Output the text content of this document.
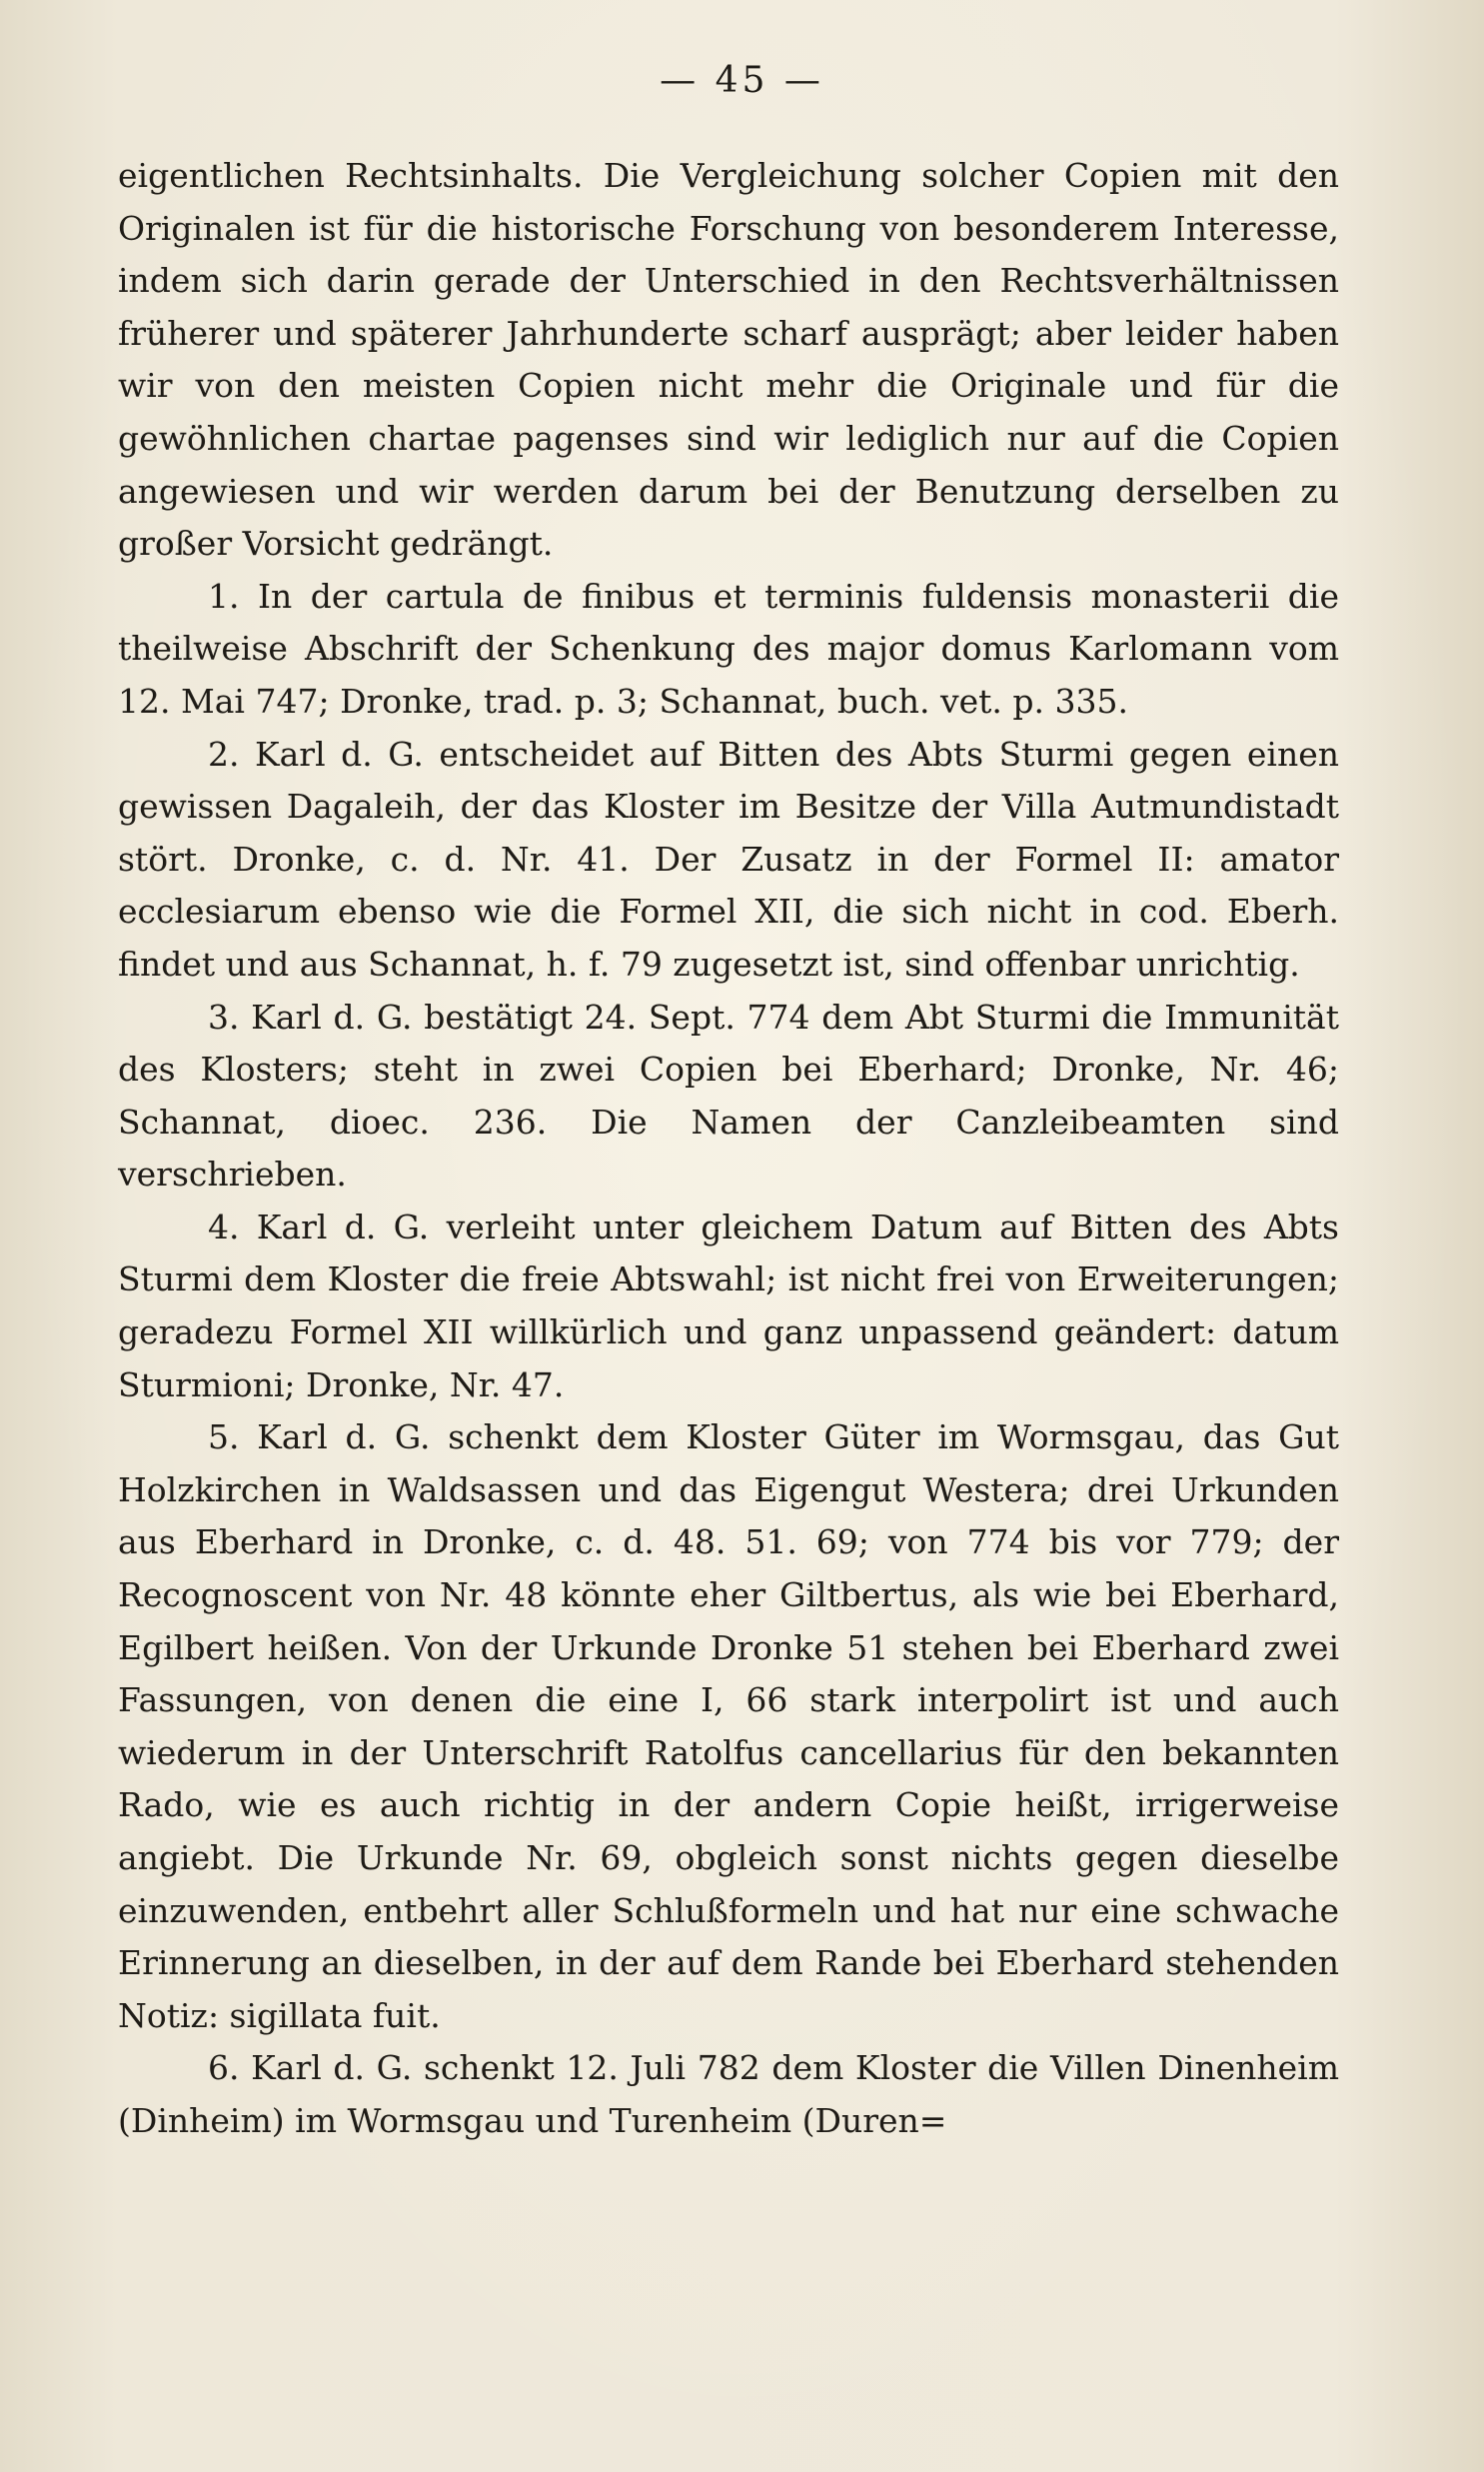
— 45 —

eigentlichen Rechtsinhalts. Die Vergleichung solcher Copien mit den Originalen ist für die historische Forschung von besonderem Interesse, indem sich darin gerade der Unterschied in den Rechtsverhältnissen früherer und späterer Jahrhunderte scharf ausprägt; aber leider haben wir von den meisten Copien nicht mehr die Originale und für die gewöhnlichen chartae pagenses sind wir lediglich nur auf die Copien angewiesen und wir werden darum bei der Benutzung derselben zu großer Vorsicht gedrängt.

1. In der cartula de finibus et terminis fuldensis monasterii die theilweise Abschrift der Schenkung des major domus Karlomann vom 12. Mai 747; Dronke, trad. p. 3; Schannat, buch. vet. p. 335.

2. Karl d. G. entscheidet auf Bitten des Abts Sturmi gegen einen gewissen Dagaleih, der das Kloster im Besitze der Villa Autmundistadt stört. Dronke, c. d. Nr. 41. Der Zusatz in der Formel II: amator ecclesiarum ebenso wie die Formel XII, die sich nicht in cod. Eberh. findet und aus Schannat, h. f. 79 zugesetzt ist, sind offenbar unrichtig.

3. Karl d. G. bestätigt 24. Sept. 774 dem Abt Sturmi die Immunität des Klosters; steht in zwei Copien bei Eberhard; Dronke, Nr. 46; Schannat, dioec. 236. Die Namen der Canzleibeamten sind verschrieben.

4. Karl d. G. verleiht unter gleichem Datum auf Bitten des Abts Sturmi dem Kloster die freie Abtswahl; ist nicht frei von Erweiterungen; geradezu Formel XII willkürlich und ganz unpassend geändert: datum Sturmioni; Dronke, Nr. 47.

5. Karl d. G. schenkt dem Kloster Güter im Wormsgau, das Gut Holzkirchen in Waldsassen und das Eigengut Westera; drei Urkunden aus Eberhard in Dronke, c. d. 48. 51. 69; von 774 bis vor 779; der Recognoscent von Nr. 48 könnte eher Giltbertus, als wie bei Eberhard, Egilbert heißen. Von der Urkunde Dronke 51 stehen bei Eberhard zwei Fassungen, von denen die eine I, 66 stark interpolirt ist und auch wiederum in der Unterschrift Ratolfus cancellarius für den bekannten Rado, wie es auch richtig in der andern Copie heißt, irrigerweise angiebt. Die Urkunde Nr. 69, obgleich sonst nichts gegen dieselbe einzuwenden, entbehrt aller Schlußformeln und hat nur eine schwache Erinnerung an dieselben, in der auf dem Rande bei Eberhard stehenden Notiz: sigillata fuit.

6. Karl d. G. schenkt 12. Juli 782 dem Kloster die Villen Dinenheim (Dinheim) im Wormsgau und Turenheim (Duren=
